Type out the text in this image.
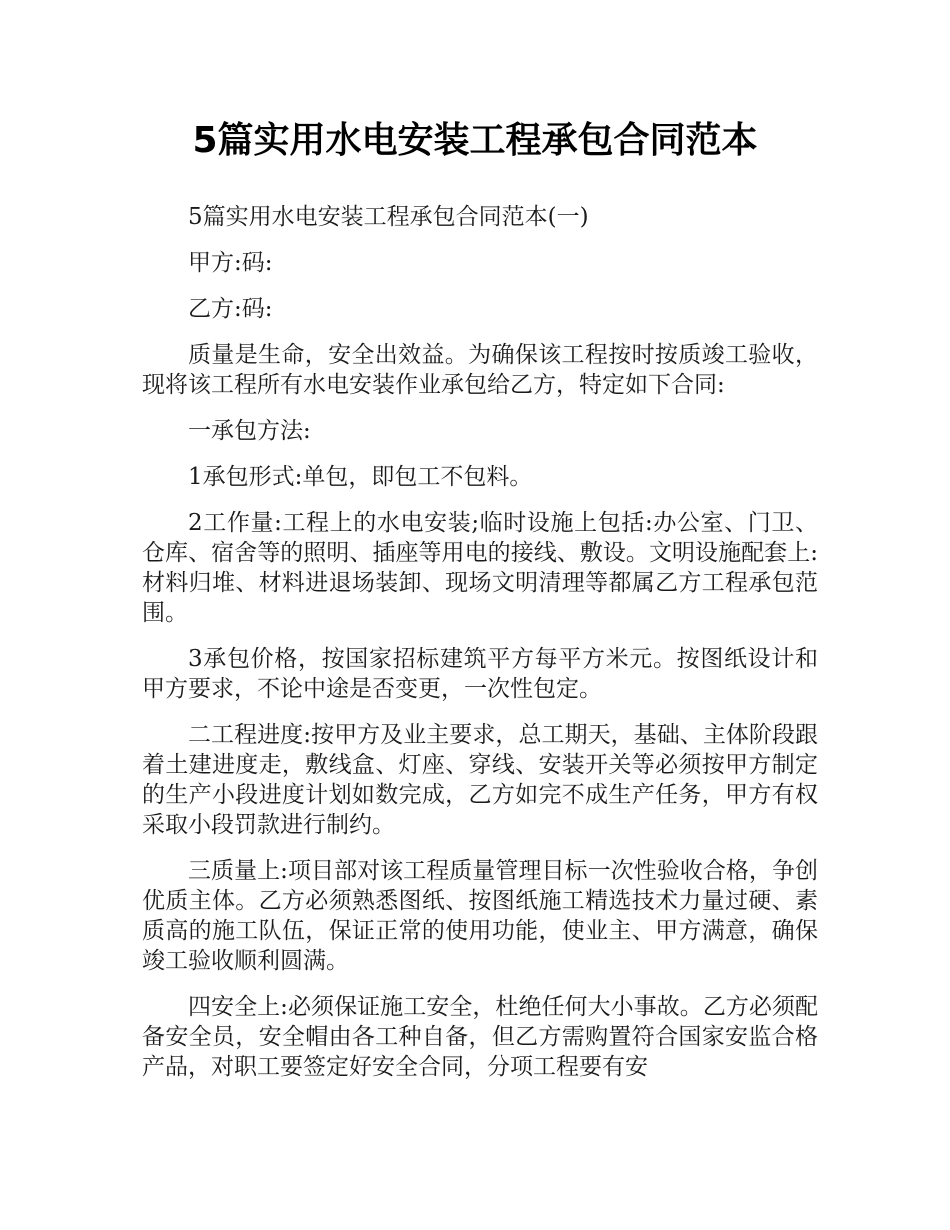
5篇实用水电安装工程承包合同范本

5篇实用水电安装工程承包合同范本(一)

甲方:码:

乙方:码:

质量是生命，安全出效益。为确保该工程按时按质竣工验收，现将该工程所有水电安装作业承包给乙方，特定如下合同:

一承包方法:

1承包形式:单包，即包工不包料。

2工作量:工程上的水电安装;临时设施上包括:办公室、门卫、仓库、宿舍等的照明、插座等用电的接线、敷设。文明设施配套上:材料归堆、材料进退场装卸、现场文明清理等都属乙方工程承包范围。

3承包价格，按国家招标建筑平方每平方米元。按图纸设计和甲方要求，不论中途是否变更，一次性包定。

二工程进度:按甲方及业主要求，总工期天，基础、主体阶段跟着土建进度走，敷线盒、灯座、穿线、安装开关等必须按甲方制定的生产小段进度计划如数完成，乙方如完不成生产任务，甲方有权采取小段罚款进行制约。

三质量上:项目部对该工程质量管理目标一次性验收合格，争创优质主体。乙方必须熟悉图纸、按图纸施工精选技术力量过硬、素质高的施工队伍，保证正常的使用功能，使业主、甲方满意，确保竣工验收顺利圆满。

四安全上:必须保证施工安全，杜绝任何大小事故。乙方必须配备安全员，安全帽由各工种自备，但乙方需购置符合国家安监合格产品，对职工要签定好安全合同，分项工程要有安
